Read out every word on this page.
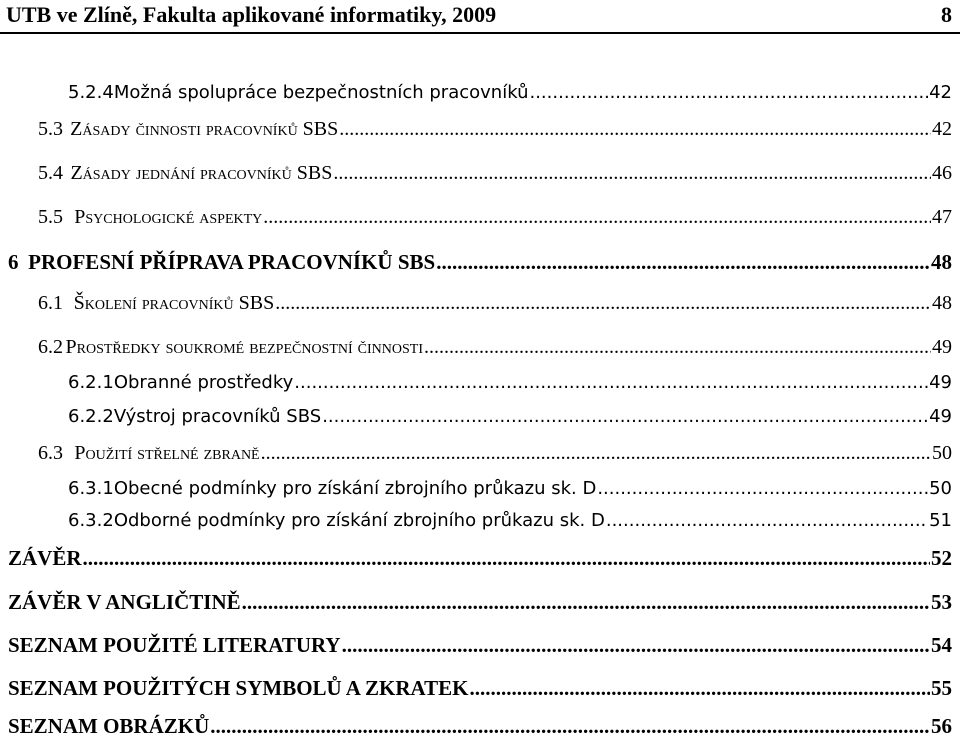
UTB ve Zlíně, Fakulta aplikované informatiky, 2009	8
5.2.4 Možná spolupráce bezpečnostních pracovníků .....	42
5.3 Zásady činnosti pracovníků SBS .....	42
5.4 Zásady jednání pracovníků SBS .....	46
5.5 Psychologické aspekty .....	47
6 PROFESNÍ PŘÍPRAVA PRACOVNÍKŮ SBS .....	48
6.1 Školení pracovníků SBS .....	48
6.2 Prostředky soukromé bezpečnostní činnosti .....	49
6.2.1 Obranné prostředky .....	49
6.2.2 Výstroj pracovníků SBS .....	49
6.3 Použití střelné zbraně .....	50
6.3.1 Obecné podmínky pro získání zbrojního průkazu sk. D .....	50
6.3.2 Odborné podmínky pro získání zbrojního průkazu sk. D .....	51
ZÁVĚR .....	52
ZÁVĚR V ANGLIČTINĚ .....	53
SEZNAM POUŽITÉ LITERATURY .....	54
SEZNAM POUŽITÝCH SYMBOLŮ A ZKRATEK .....	55
SEZNAM OBRÁZKŮ .....	56
